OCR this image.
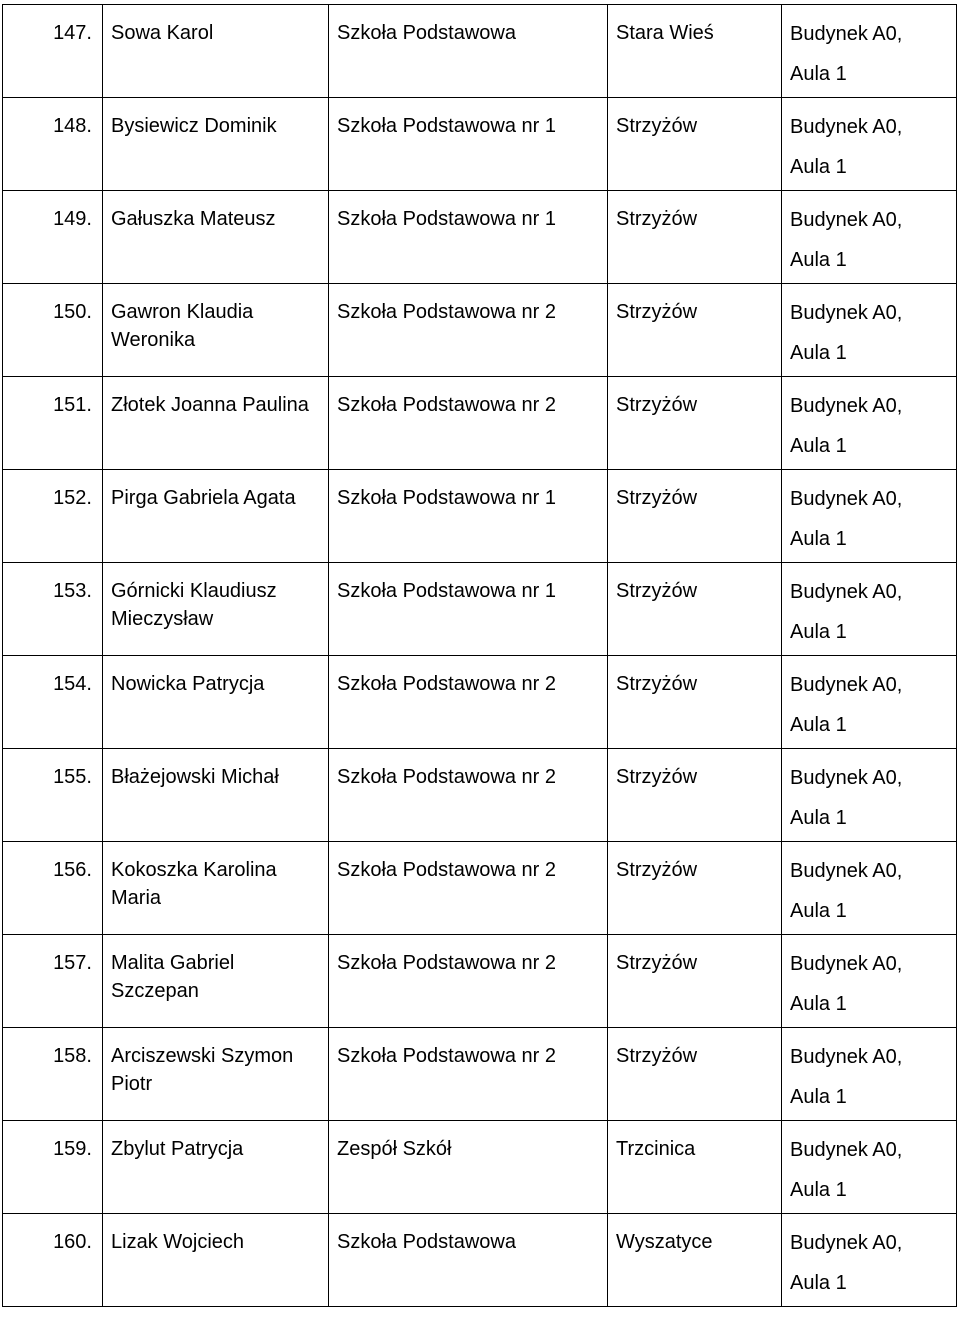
147.	Sowa Karol	Szkoła Podstawowa	Stara Wieś	Budynek A0,
Aula 1

148.	Bysiewicz Dominik	Szkoła Podstawowa nr 1	Strzyżów	Budynek A0,
Aula 1

149.	Gałuszka Mateusz	Szkoła Podstawowa nr 1	Strzyżów	Budynek A0,
Aula 1

150.	Gawron Klaudia Weronika	Szkoła Podstawowa nr 2	Strzyżów	Budynek A0,
Aula 1

151.	Złotek Joanna Paulina	Szkoła Podstawowa nr 2	Strzyżów	Budynek A0,
Aula 1

152.	Pirga Gabriela Agata	Szkoła Podstawowa nr 1	Strzyżów	Budynek A0,
Aula 1

153.	Górnicki Klaudiusz Mieczysław	Szkoła Podstawowa nr 1	Strzyżów	Budynek A0,
Aula 1

154.	Nowicka Patrycja	Szkoła Podstawowa nr 2	Strzyżów	Budynek A0,
Aula 1

155.	Błażejowski Michał	Szkoła Podstawowa nr 2	Strzyżów	Budynek A0,
Aula 1

156.	Kokoszka Karolina Maria	Szkoła Podstawowa nr 2	Strzyżów	Budynek A0,
Aula 1

157.	Malita Gabriel Szczepan	Szkoła Podstawowa nr 2	Strzyżów	Budynek A0,
Aula 1

158.	Arciszewski Szymon Piotr	Szkoła Podstawowa nr 2	Strzyżów	Budynek A0,
Aula 1

159.	Zbylut Patrycja	Zespół Szkół	Trzcinica	Budynek A0,
Aula 1

160.	Lizak Wojciech	Szkoła Podstawowa	Wyszatyce	Budynek A0,
Aula 1
